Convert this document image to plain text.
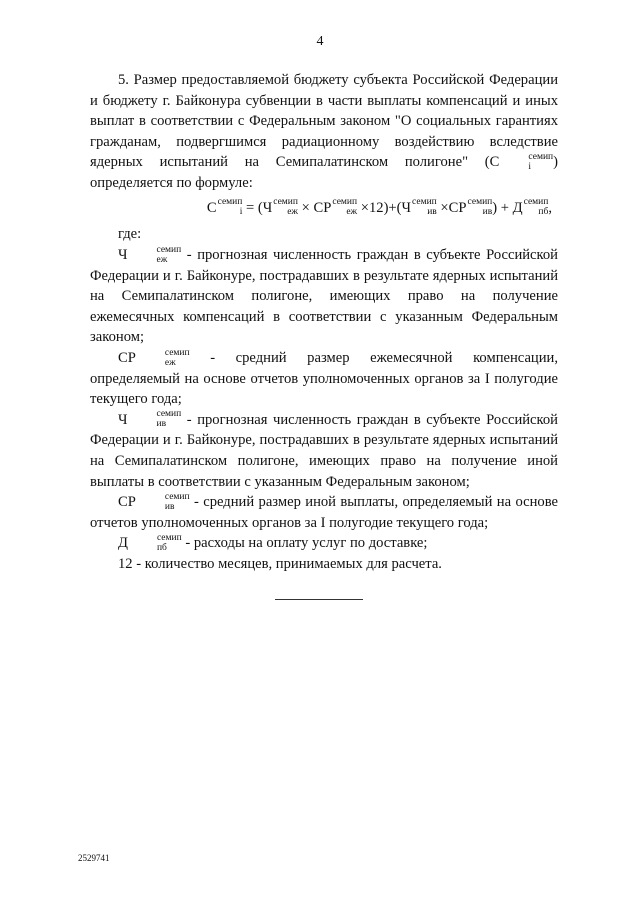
4

5. Размер предоставляемой бюджету субъекта Российской Федерации и бюджету г. Байконура субвенции в части выплаты компенсаций и иных выплат в соответствии с Федеральным законом "О социальных гарантиях гражданам, подвергшимся радиационному воздействию вследствие ядерных испытаний на Семипалатинском полигоне" (С	семип
i	) определяется по формуле:

С семип
i = (Ч семип
еж × СР семип
еж ×12)+(Ч семип
ив ×СР семип
ив ) + Д семип
пб ,

где:

Ч	семип
еж - прогнозная численность граждан в субъекте Российской Федерации и г. Байконуре, пострадавших в результате ядерных испытаний на Семипалатинском полигоне, имеющих право на получение ежемесячных компенсаций в соответствии с указанным Федеральным законом;

СР	семип
еж - средний размер ежемесячной компенсации, определяемый на основе отчетов уполномоченных органов за I полугодие текущего года;

Ч	семип
ив	- прогнозная численность граждан в субъекте Российской Федерации и г. Байконуре, пострадавших в результате ядерных испытаний на Семипалатинском полигоне, имеющих право на получение иной выплаты в соответствии с указанным Федеральным законом;

СР	семип
ив	- средний размер иной выплаты, определяемый на основе отчетов уполномоченных органов за I полугодие текущего года;

Д	семип
пб	- расходы на оплату услуг по доставке;

12 - количество месяцев, принимаемых для расчета.

2529741
